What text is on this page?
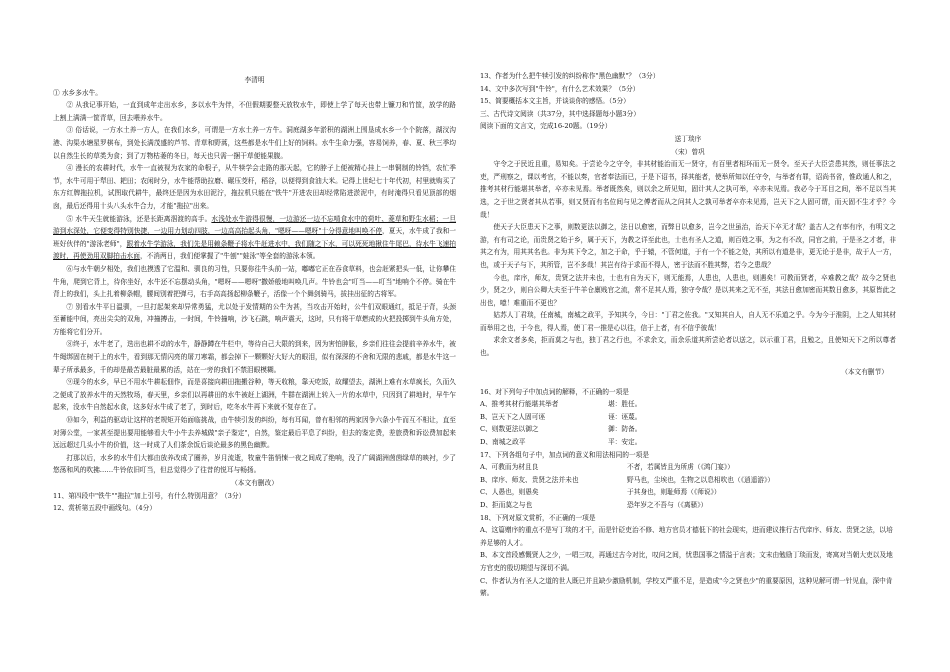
李清明

① 水乡多水牛。

② 从我记事开始，一直到成年走出水乡，多以水牛为伴，不但假期要整天放牧水牛，即使上学了每天也带上镰刀和竹筐，放学的路上割上满满一筐青草，回去喂养水牛。

③ 俗话说，一方水土养一方人，在我们水乡，可谓是一方水土养一方牛。洞庭湖多年淤积的湖洲上围垦成水乡一个个院落，湖汊沟港、沟渠水塘星罗棋布，到处长满茂盛的芦苇、青草和野蒿，这些都是水牛们上好的饲料。水牛生命力强，容易饲养，春、夏、秋三季均以自然生长的草类为食；到了万物枯萎的冬日，每天也只需一捆干草便能果腹。

④ 漫长的农耕时代，水牛一直被视为农家的命根子，从牛犊学会走路的那天起，它的脖子上便被精心挂上一串铜制的铃铛，农忙季节，水牛可用于犁田、耙田；农闲时分，水牛能帮助拉磨、碾压茭秆，稻谷，以便得到食油大米。记得上世纪七十年代初，村里就购买了东方红牌拖拉机，试图取代耕牛，最终还是因为水田泥泞，拖拉机只能在"铁牛"开进农田却经常陷进淤泥中，有时淹得只看见顶部的烟囱，最后还得用十头八头水牛合力，才能"拖拉"出来。

⑤ 水牛天生就能游泳，还是长距离泅渡的高手。水浅处水牛游得很慢，一边游还一边不忘啃食水中的荷叶、菱草和野生水稻；一旦游到水深处，它便变得特别快捷，一边用力划动四肢，一边高高抬起头角，"嗯呀——嗯呀"十分得意地叫唤不停，夏天，水牛成了我和一班好伙伴的"游泳老师"，跟着水牛学游泳，我们先是用赖条鞭子将水牛赶进水中，我们随之下水，可以死死地揪住牛尾巴，待水牛飞速拍渡时，再使劲用双脚拍击水面，不消两日，我们便掌握了"牛刨""蛙泳"等全套的游泳本领。

⑥与水牛朝夕相处，我们也摸透了它温和、驯良的习性，只要你往牛头前一站，嘟嘟它正在吞食草料，也会赶紧把头一低，让你攀住牛角，爬到它背上，待你坐好，水牛还不忘摆动头角，"嗯呀——嗯呀"撒娇般地叫唤几声。牛铃也会"叮当——叮当"地响个不停。骑在牛背上的我们，头上扎着柳条帽，腰间别着把弹弓，右手高高扬起柳条鞭子，活像一个个舞剑骑马，拔挂出征的古将军。

⑦ 别看水牛平日温驯，一旦打起架来却异常勇猛，尤以处于发情期的公牛为甚，当攻击开始时，公牛们双眼通红，抵足于背，头颈至蓄能中间，亮出尖尖的双角，冲撞搏击，一时间，牛铃撞响，沙飞石跳，响声震天，这时，只有将干草燃成的火把投掷到牛头角方处，方能将它们分开。

⑧终于，水牛老了，迭出也耕不动的水牛，静静蹲在牛栏中，等待自己大限的到来，因为害怕肿胀，乡亲们往往会提前辛养水牛，被牛绳绑固在树干上的水牛，看到那无情闪亮的屠刀寒霜，都会掉下一颗颗好大好大的眼泪，似有深深的不舍和无限的悲戚，都是水牛这一辈子所承最多，千的却是最苦最脏最累的活，站在一旁的我们不禁泪眼模糊。

⑨现今的水乡，早已不用水牛耕耘佃作，而是喜接向耕田拖搬谷种，等天收粮，靠天吃饭，故耀望去，湖洲上难有水草疯长，久而久之便成了放养水牛的天然牧场，春天里，乡亲们以再耕田的水牛被赶上湖洲，牛群在湖洲上转入一片的水草中，只因到了耕地时，早牛乍起来，没水牛自然起水食，这多好水牛成了老了，到时后，吃冬水牛再下来就不复存在了。

⑩如今，利益的驱动让这样的老规矩开始面临挑战，由牛犊引发的纠纷，每有耳闻，曾有相邻的两家因争六条小牛而互不相让，直至对簿公堂，一家甚至提出要用能够看大牛小牛去养城做"亲子鉴定"，自然，鉴定最后平息了纠纷，但去的鉴定费，差旅费和诉讼费加起来远远超过几头小牛的价值，这一时成了人们茶余饭后谈论最多的黑色幽默。

打那以后，水乡的水牛们大都由放养改成了圈养，岁月流逝，牧童牛笛悄悚一夜之间成了绝响，没了广阔湖洲茵茵绿草的映衬，少了悠荡和风的吹拂……牛铃依旧叮当，但总觉得少了往昔的悦耳与畅扬。

（本文有删改）

11、第四段中"铁牛""拖拉"加上引号，有什么特别用意？（3分）

12、赏析第五段中画线句。（4分）

13、作者为什么把牛犊引发的纠纷称作"黑色幽默"？（3分）

14、文中多次写到"牛铃"，有什么艺术效果？（5分）

15、简要概括本文主旨，并谈谈你的感悟。（5分）

三、古代诗文阅读（共37分，其中选择题每小题3分）

阅读下面的文言文，完成16-20题。（19分）

送丁琰序

（宋）曾巩

守令之于民近且重，易知矣。于尝论今之守令，非其材能治而无一贤守，有百里者相环而无一贤令。至天子大臣尝患其然，则任事法之吏，严刑察之，课以考官，不能以奏，官者奉法而已，于是下诏书，择其能者，使举所知以任守令，与举者有罪，诏尚书省，惟政通人和之，推考其材行能堪其举者，卒亦未见焉。举者既然矣，则以余之所见知，固计其人之执可举，卒亦未见焉。我必今于耳目之间，举不足以当其选，之于世之贤者其从若事，则又贤而有名位间与见之傅者而从之问其人之孰可举者卒亦未见焉，岂天下之人固可谓，而天固不生才乎？今哉！

使天子大臣患天下之事，则数更法以御之，法日以愈密，而弊日以愈多，岂今之世虽治，治天下卒无才哉？盖古人之有率有序，有明文之游，有有司之论，而贵贤之始于乡，属于天下，为教之详至此也，士也有圣人之道，则百姓之事，为之有不改，同官之前，于是圣之才者，非其之有为，用其其名也。非为其下令之，加之于命，乎于辕，不管何道，于有一个不能之处，其所以有道是非，更无论于是非，故于人一方，也，或于天子与下，其所管，岂不多哉！其岂有待于求而不得人，密于法而不胜其弊，若今之患哉？

今也，庠序，师友，贵贤之法并未也，士也有自为天下，则无能焉，人患也，人患也，则遇矣！可教而贤者，卒难教之哉？故今之贤也少，贤之少，则自公卿大夫至于牛羊仓廪贱官之流，常不足其人焉，独守令哉？是以其来之无不至，其法日愈加密而其数日愈多，其原皆此之出也，噫！难重而不更也？

姑苏人丁君琰，任南城，南城之政平，予知其今，今日："丁君之佐我。"又知其自人，自人无不乐道之乎。今为今于淮阴，上之人知其材而举用之也，于今也，得人焉，使丁君一推是心以往，信于上者，有不信乎彼哉！

求余文者多矣，拒而莫之与也，独丁君之行也，不求余文，而余乐道其所尝论者以送之，以示重丁君，且勉之，且使知天下之所以尊者也。

（本文有删节）

16、对下列句子中加点词的解释，不正确的一项是

A、推考其材行能堪其举者	堪：胜任。

B、岂天下之人固可诬	诬：诬蔑。

C、则数更法以御之	御：防备。

D、南城之政平	平：安定。

17、下列各组句子中，加点词的意义和用法相同的一项是

A、可教而为材且良	不者，若属皆且为所虏（《鸿门宴》）

B、庠序、师友、贵贤之法并未也	野马也，尘埃也，生物之以息相吹也（《逍遥游》）

C、人愚也，则愚矣	于其身也，则耻师焉（《师说》）

D、拒而莫之与也	恐年岁之不吾与（《离骚》）

18、下列对原文赏析，不正确的一项是

A、这篇赠序的重点不是写丁琰的才干，而是针砭吏治不修、地方官员才德低下的社会现实，进而建议推行古代庠序、师友、贵贤之法，以培养足够的人才。

B、本文首段感慨贤人之少，一唱三叹，再通过古今对比，叹问之间，忧患国事之情溢于言表；文末由勉励丁琰而发，寄寓对当朝大吏以及地方官吏的殷切期望与深切不满。

C、作者认为有圣人之道的世人既已并且缺少激励机制，学校又严重不足，是造成"今之贤也少"的重要原因，这种见解可谓一针见血，深中肯綮。
